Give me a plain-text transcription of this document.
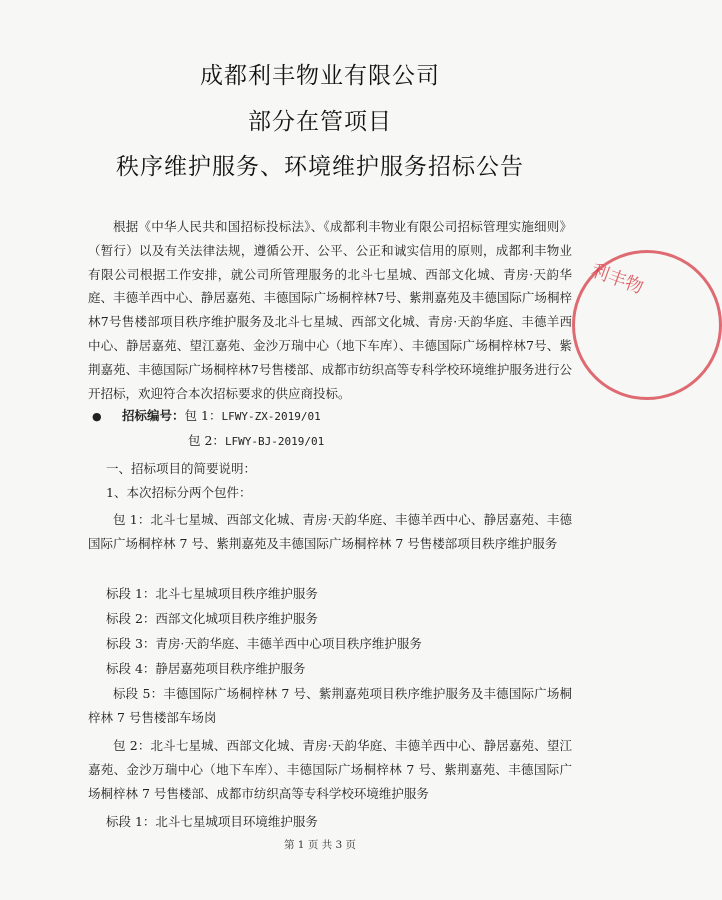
成都利丰物业有限公司
部分在管项目
秩序维护服务、环境维护服务招标公告

根据《中华人民共和国招标投标法》、《成都利丰物业有限公司招标管理实施细则》（暂行）以及有关法律法规，遵循公开、公平、公正和诚实信用的原则，成都利丰物业有限公司根据工作安排，就公司所管理服务的北斗七星城、西部文化城、青房·天韵华庭、丰德羊西中心、静居嘉苑、丰德国际广场桐梓林7号、紫荆嘉苑及丰德国际广场桐梓林7号售楼部项目秩序维护服务及北斗七星城、西部文化城、青房·天韵华庭、丰德羊西中心、静居嘉苑、望江嘉苑、金沙万瑞中心（地下车库）、丰德国际广场桐梓林7号、紫荆嘉苑、丰德国际广场桐梓林7号售楼部、成都市纺织高等专科学校环境维护服务进行公开招标，欢迎符合本次招标要求的供应商投标。

● 招标编号：包 1：LFWY-ZX-2019/01
包 2：LFWY-BJ-2019/01
一、招标项目的简要说明：
1、本次招标分两个包件：

包 1：北斗七星城、西部文化城、青房·天韵华庭、丰德羊西中心、静居嘉苑、丰德国际广场桐梓林 7 号、紫荆嘉苑及丰德国际广场桐梓林 7 号售楼部项目秩序维护服务

标段 1：北斗七星城项目秩序维护服务
标段 2：西部文化城项目秩序维护服务
标段 3：青房·天韵华庭、丰德羊西中心项目秩序维护服务
标段 4：静居嘉苑项目秩序维护服务

标段 5：丰德国际广场桐梓林 7 号、紫荆嘉苑项目秩序维护服务及丰德国际广场桐梓林 7 号售楼部车场岗

包 2：北斗七星城、西部文化城、青房·天韵华庭、丰德羊西中心、静居嘉苑、望江嘉苑、金沙万瑞中心（地下车库）、丰德国际广场桐梓林 7 号、紫荆嘉苑、丰德国际广场桐梓林 7 号售楼部、成都市纺织高等专科学校环境维护服务

标段 1：北斗七星城项目环境维护服务
第 1 页 共 3 页
利丰物
